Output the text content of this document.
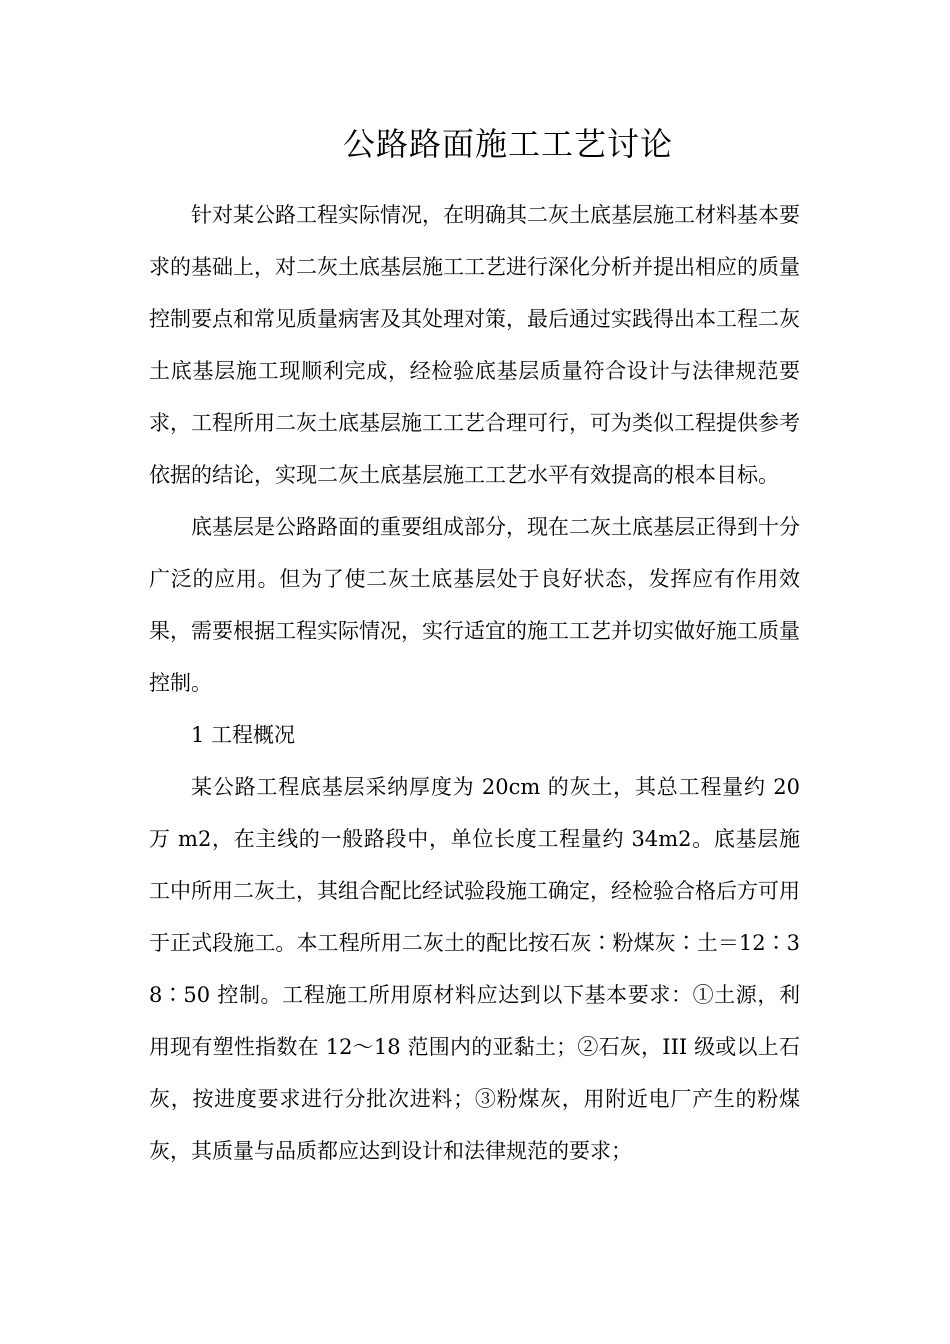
公路路面施工工艺讨论

针对某公路工程实际情况，在明确其二灰土底基层施工材料基本要求的基础上，对二灰土底基层施工工艺进行深化分析并提出相应的质量控制要点和常见质量病害及其处理对策，最后通过实践得出本工程二灰土底基层施工现顺利完成，经检验底基层质量符合设计与法律规范要求，工程所用二灰土底基层施工工艺合理可行，可为类似工程提供参考依据的结论，实现二灰土底基层施工工艺水平有效提高的根本目标。

底基层是公路路面的重要组成部分，现在二灰土底基层正得到十分广泛的应用。但为了使二灰土底基层处于良好状态，发挥应有作用效果，需要根据工程实际情况，实行适宜的施工工艺并切实做好施工质量控制。

1 工程概况

某公路工程底基层采纳厚度为 20cm 的灰土，其总工程量约 20 万 m2，在主线的一般路段中，单位长度工程量约 34m2。底基层施工中所用二灰土，其组合配比经试验段施工确定，经检验合格后方可用于正式段施工。本工程所用二灰土的配比按石灰∶粉煤灰∶土＝12∶38∶50 控制。工程施工所用原材料应达到以下基本要求：①土源，利用现有塑性指数在 12～18 范围内的亚黏土；②石灰，III 级或以上石灰，按进度要求进行分批次进料；③粉煤灰，用附近电厂产生的粉煤灰，其质量与品质都应达到设计和法律规范的要求；
